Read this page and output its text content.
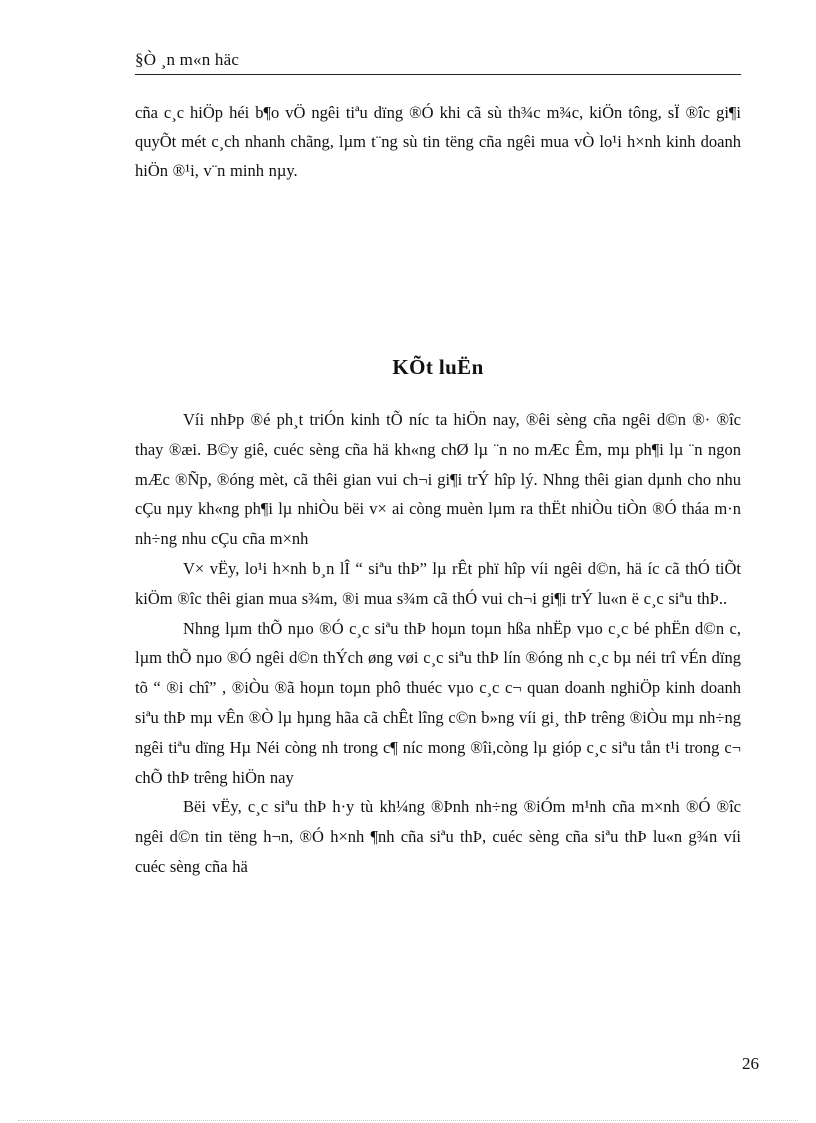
§Ò ¸n m«n häc

cña c¸c hiÖp héi b¶o vÖ ngêi tiªu dïng ®Ó khi cã sù th¾c m¾c, kiÖn tông, sÏ ®îc gi¶i quyÕt mét c¸ch nhanh chãng, lµm t¨ng sù tin tëng cña ngêi mua vÒ lo¹i h×nh kinh doanh hiÖn ®¹i, v¨n minh nµy.

KÕt luËn

Víi nhÞp ®é ph¸t triÓn kinh tÕ níc ta hiÖn nay, ®êi sèng cña ngêi d©n ®· ®îc thay ®æi. B©y giê, cuéc sèng cña hä kh«ng chØ lµ ¨n no mÆc Êm, mµ ph¶i lµ ¨n ngon mÆc ®Ñp, ®óng mèt, cã thêi gian vui ch¬i gi¶i trÝ hîp lý. Nhng thêi gian dµnh cho nhu cÇu nµy kh«ng ph¶i lµ nhiÒu bëi v× ai còng muèn lµm ra thËt nhiÒu tiÒn ®Ó tháa m·n nh÷ng nhu cÇu cña m×nh

V× vËy, lo¹i h×nh b¸n lÎ “ siªu thÞ” lµ rÊt phï hîp víi ngêi d©n, hä íc cã thÓ tiÕt kiÖm ®îc thêi gian mua s¾m, ®i mua s¾m cã thÓ vui ch¬i gi¶i trÝ lu«n ë c¸c siªu thÞ..

Nhng lµm thÕ nµo ®Ó c¸c siªu thÞ hoµn toµn hßa nhËp vµo c¸c bé phËn d©n c, lµm thÕ nµo ®Ó ngêi d©n thÝch øng vøi c¸c siªu thÞ lín ®óng nh c¸c bµ néi trî vÉn dïng tõ “ ®i chî” , ®iÒu ®ã hoµn toµn phô thuéc vµo c¸c c¬ quan doanh nghiÖp kinh doanh siªu thÞ mµ vÊn ®Ò lµ hµng hãa cã chÊt lîng c©n b»ng víi gi¸ thÞ trêng ®iÒu mµ nh÷ng ngêi tiªu dïng Hµ Néi còng nh trong c¶ níc mong ®îi,còng lµ gióp c¸c siªu tån t¹i trong c¬ chÕ thÞ trêng hiÖn nay

Bëi vËy, c¸c siªu thÞ h·y tù kh¼ng ®Þnh nh÷ng ®iÓm m¹nh cña m×nh ®Ó ®îc ngêi d©n tin tëng h¬n, ®Ó h×nh ¶nh cña siªu thÞ, cuéc sèng cña siªu thÞ lu«n g¾n víi cuéc sèng cña hä

26
